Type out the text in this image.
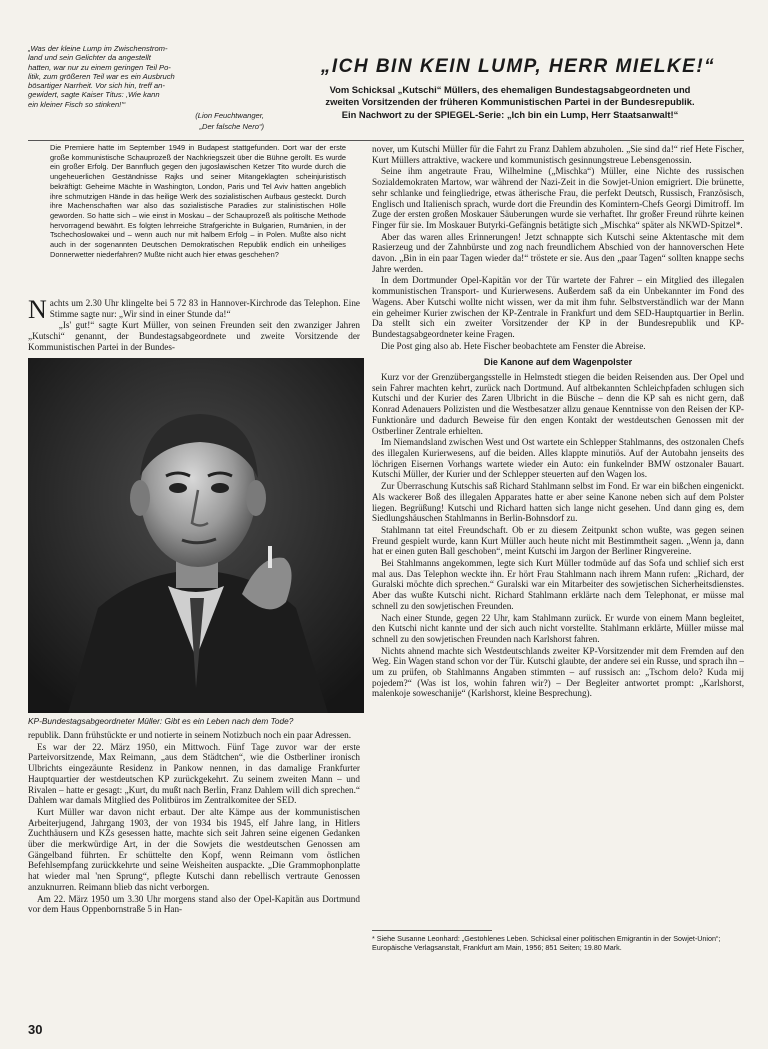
„Was der kleine Lump im Zwischenstrom-
land und sein Gelichter da angestellt
hatten, war nur zu einem geringen Teil Po-
litik, zum größeren Teil war es ein Ausbruch
bösartiger Narrheit. Vor sich hin, treff an-
gewidert, sagte Kaiser Titus: ,Wie kann
ein kleiner Fisch so stinken!'“
(Lion Feuchtwanger,
„Der falsche Nero“)
„ICH BIN KEIN LUMP, HERR MIELKE!“
Vom Schicksal „Kutschi“ Müllers, des ehemaligen Bundestagsabgeordneten und
zweiten Vorsitzenden der früheren Kommunistischen Partei in der Bundesrepublik.
Ein Nachwort zu der SPIEGEL-Serie: „Ich bin ein Lump, Herr Staatsanwalt!“
Die Premiere hatte im September 1949 in Budapest stattgefunden. Dort war der erste große kommunistische Schauprozeß der Nachkriegszeit über die Bühne gerollt. Es wurde ein großer Erfolg. Der Bannfluch gegen den jugoslawischen Ketzer Tito wurde durch die ungeheuerlichen Geständnisse Rajks und seiner Mitangeklagten scheinjuristisch bekräftigt: Geheime Mächte in Washington, London, Paris und Tel Aviv hatten angeblich ihre schmutzigen Hände in das heilige Werk des sozialistischen Aufbaus gesteckt. Durch ihre Machenschaften war also das sozialistische Paradies zur stalinistischen Hölle geworden. So hatte sich – wie einst in Moskau – der Schauprozeß als politische Methode hervorragend bewährt. Es folgten lehrreiche Strafgerichte in Bulgarien, Rumänien, in der Tschechoslowakei und – wenn auch nur mit halbem Erfolg – in Polen. Mußte also nicht auch in der sogenannten Deutschen Demokratischen Republik endlich ein unheiliges Donnerwetter niederfahren? Mußte nicht auch hier etwas geschehen?

Nachts um 2.30 Uhr klingelte bei 5 72 83 in Hannover-Kirchrode das Telephon. Eine Stimme sagte nur: „Wir sind in einer Stunde da!“

„Is' gut!“ sagte Kurt Müller, von seinen Freunden seit den zwanziger Jahren „Kutschi“ genannt, der Bundestagsabgeordnete und zweite Vorsitzende der Kommunistischen Partei in der Bundes-

KP-Bundestagsabgeordneter Müller: Gibt es ein Leben nach dem Tode?

republik. Dann frühstückte er und notierte in seinem Notizbuch noch ein paar Adressen.

Es war der 22. März 1950, ein Mittwoch. Fünf Tage zuvor war der erste Parteivorsitzende, Max Reimann, „aus dem Städtchen“, wie die Ostberliner ironisch Ulbrichts eingezäunte Residenz in Pankow nennen, in das damalige Frankfurter Hauptquartier der westdeutschen KP zurückgekehrt. Zu seinem zweiten Mann – und Rivalen – hatte er gesagt: „Kurt, du mußt nach Berlin, Franz Dahlem will dich sprechen.“ Dahlem war damals Mitglied des Politbüros im Zentralkomitee der SED.

Kurt Müller war davon nicht erbaut. Der alte Kämpe aus der kommunistischen Arbeiterjugend, Jahrgang 1903, der von 1934 bis 1945, elf Jahre lang, in Hitlers Zuchthäusern und KZs gesessen hatte, machte sich seit Jahren seine eigenen Gedanken über die merkwürdige Art, in der die Sowjets die westdeutschen Genossen am Gängelband führten. Er schüttelte den Kopf, wenn Reimann vom östlichen Befehlsempfang zurückkehrte und seine Weisheiten auspackte. „Die Grammophonplatte hat wieder mal 'nen Sprung“, pflegte Kutschi dann rebellisch vertraute Genossen anzuknurren. Reimann blieb das nicht verborgen.

Am 22. März 1950 um 3.30 Uhr morgens stand also der Opel-Kapitän aus Dortmund vor dem Haus Oppenbornstraße 5 in Han-

nover, um Kutschi Müller für die Fahrt zu Franz Dahlem abzuholen. „Sie sind da!“ rief Hete Fischer, Kurt Müllers attraktive, wackere und kommunistisch gesinnungstreue Lebensgenossin.

Seine ihm angetraute Frau, Wilhelmine („Mischka“) Müller, eine Nichte des russischen Sozialdemokraten Martow, war während der Nazi-Zeit in die Sowjet-Union emigriert. Die brünette, sehr schlanke und feingliedrige, etwas ätherische Frau, die perfekt Deutsch, Russisch, Französisch, Englisch und Italienisch sprach, wurde dort die Freundin des Komintern-Chefs Georgi Dimitroff. Im Zuge der ersten großen Moskauer Säuberungen wurde sie verhaftet. Ihr großer Freund rührte keinen Finger für sie. Im Moskauer Butyrki-Gefängnis betätigte sich „Mischka“ später als NKWD-Spitzel*.

Aber das waren alles Erinnerungen! Jetzt schnappte sich Kutschi seine Aktentasche mit dem Rasierzeug und der Zahnbürste und zog nach freundlichem Abschied von der hannoverschen Hete davon. „Bin in ein paar Tagen wieder da!“ tröstete er sie. Aus den „paar Tagen“ sollten knappe sechs Jahre werden.

In dem Dortmunder Opel-Kapitän vor der Tür wartete der Fahrer – ein Mitglied des illegalen kommunistischen Transport- und Kurierwesens. Außerdem saß da ein Unbekannter im Fond des Wagens. Aber Kutschi wollte nicht wissen, wer da mit ihm fuhr. Selbstverständlich war der Mann ein geheimer Kurier zwischen der KP-Zentrale in Frankfurt und dem SED-Hauptquartier in Berlin. Da stellt sich ein zweiter Vorsitzender der KP in der Bundesrepublik und KP-Bundestagsabgeordneter keine Fragen.

Die Post ging also ab. Hete Fischer beobachtete am Fenster die Abreise.

Die Kanone auf dem Wagenpolster

Kurz vor der Grenzübergangsstelle in Helmstedt stiegen die beiden Reisenden aus. Der Opel und sein Fahrer machten kehrt, zurück nach Dortmund. Auf altbekannten Schleichpfaden schlugen sich Kutschi und der Kurier des Zaren Ulbricht in die Büsche – denn die KP sah es nicht gern, daß Konrad Adenauers Polizisten und die Westbesatzer allzu genaue Kenntnisse von den Reisen der KP-Funktionäre und dadurch Beweise für den engen Kontakt der westdeutschen Genossen mit der Ostberliner Zentrale erhielten.

Im Niemandsland zwischen West und Ost wartete ein Schlepper Stahlmanns, des ostzonalen Chefs des illegalen Kurierwesens, auf die beiden. Alles klappte minutiös. Auf der Autobahn jenseits des löchrigen Eisernen Vorhangs wartete wieder ein Auto: ein funkelnder BMW ostzonaler Bauart. Kutschi Müller, der Kurier und der Schlepper steuerten auf den Wagen los.

Zur Überraschung Kutschis saß Richard Stahlmann selbst im Fond. Er war ein bißchen eingenickt. Als wackerer Boß des illegalen Apparates hatte er aber seine Kanone neben sich auf dem Polster liegen. Begrüßung! Kutschi und Richard hatten sich lange nicht gesehen. Und dann ging es, dem Siedlungshäuschen Stahlmanns in Berlin-Bohnsdorf zu.

Stahlmann tat eitel Freundschaft. Ob er zu diesem Zeitpunkt schon wußte, was gegen seinen Freund gespielt wurde, kann Kurt Müller auch heute nicht mit Bestimmtheit sagen. „Wenn ja, dann hat er einen guten Ball geschoben“, meint Kutschi im Jargon der Berliner Ringvereine.

Bei Stahlmanns angekommen, legte sich Kurt Müller todmüde auf das Sofa und schlief sich erst mal aus. Das Telephon weckte ihn. Er hört Frau Stahlmann nach ihrem Mann rufen: „Richard, der Guralski möchte dich sprechen.“ Guralski war ein Mitarbeiter des sowjetischen Sicherheitsdienstes. Aber das wußte Kutschi nicht. Richard Stahlmann erklärte nach dem Telephonat, er müsse mal schnell zu den sowjetischen Freunden.

Nach einer Stunde, gegen 22 Uhr, kam Stahlmann zurück. Er wurde von einem Mann begleitet, den Kutschi nicht kannte und der sich auch nicht vorstellte. Stahlmann erklärte, Müller müsse mal schnell zu den sowjetischen Freunden nach Karlshorst fahren.

Nichts ahnend machte sich Westdeutschlands zweiter KP-Vorsitzender mit dem Fremden auf den Weg. Ein Wagen stand schon vor der Tür. Kutschi glaubte, der andere sei ein Russe, und sprach ihn – um zu prüfen, ob Stahlmanns Angaben stimmten – auf russisch an: „Tschom delo? Kuda mij pojedem?“ (Was ist los, wohin fahren wir?) – Der Begleiter antwortet prompt: „Karlshorst, malenkoje soweschanije“ (Karlshorst, kleine Besprechung).

* Siehe Susanne Leonhard: „Gestohlenes Leben. Schicksal einer politischen Emigrantin in der Sowjet-Union“; Europäische Verlagsanstalt, Frankfurt am Main, 1956; 851 Seiten; 19.80 Mark.
30
